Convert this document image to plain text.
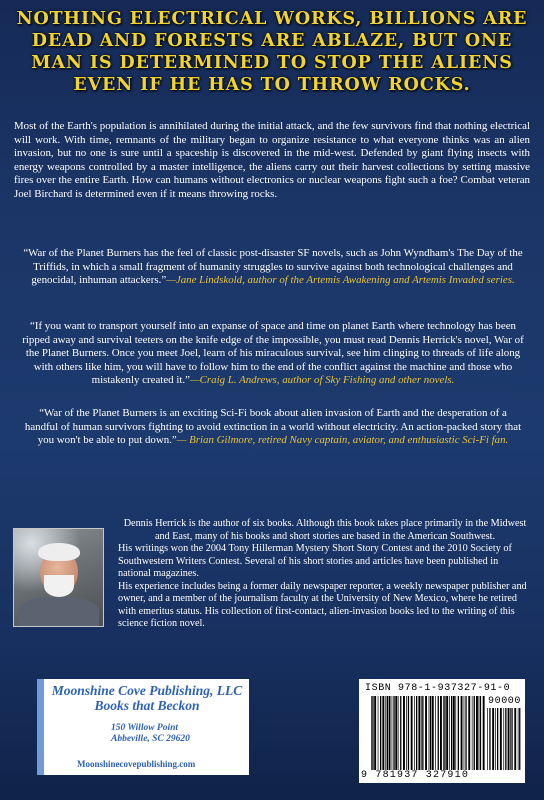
NOTHING ELECTRICAL WORKS, BILLIONS ARE DEAD AND FORESTS ARE ABLAZE, BUT ONE MAN IS DETERMINED TO STOP THE ALIENS EVEN IF HE HAS TO THROW ROCKS.
Most of the Earth's population is annihilated during the initial attack, and the few survivors find that nothing electrical will work. With time, remnants of the military began to organize resistance to what everyone thinks was an alien invasion, but no one is sure until a spaceship is discovered in the mid-west. Defended by giant flying insects with energy weapons controlled by a master intelligence, the aliens carry out their harvest collections by setting massive fires over the entire Earth. How can humans without electronics or nuclear weapons fight such a foe? Combat veteran Joel Birchard is determined even if it means throwing rocks.
“War of the Planet Burners has the feel of classic post-disaster SF novels, such as John Wyndham's The Day of the Triffids, in which a small fragment of humanity struggles to survive against both technological challenges and genocidal, inhuman attackers.”—Jane Lindskold, author of the Artemis Awakening and Artemis Invaded series.
“If you want to transport yourself into an expanse of space and time on planet Earth where technology has been ripped away and survival teeters on the knife edge of the impossible, you must read Dennis Herrick's novel, War of the Planet Burners. Once you meet Joel, learn of his miraculous survival, see him clinging to threads of life along with others like him, you will have to follow him to the end of the conflict against the machine and those who mistakenly created it.”—Craig L. Andrews, author of Sky Fishing and other novels.
“War of the Planet Burners is an exciting Sci-Fi book about alien invasion of Earth and the desperation of a handful of human survivors fighting to avoid extinction in a world without electricity. An action-packed story that you won't be able to put down.”— Brian Gilmore, retired Navy captain, aviator, and enthusiastic Sci-Fi fan.

Dennis Herrick is the author of six books. Although this book takes place primarily in the Midwest and East, many of his books and short stories are based in the American Southwest.

His writings won the 2004 Tony Hillerman Mystery Short Story Contest and the 2010 Society of Southwestern Writers Contest. Several of his short stories and articles have been published in national magazines.

His experience includes being a former daily newspaper reporter, a weekly newspaper publisher and owner, and a member of the journalism faculty at the University of New Mexico, where he retired with emeritus status. His collection of first-contact, alien-invasion books led to the writing of this science fiction novel.

Moonshine Cove Publishing, LLC
Books that Beckon
150 Willow Point
Abbeville, SC 29620
Moonshinecovepublishing.com
ISBN 978-1-937327-91-0
90000
9 781937 327910
